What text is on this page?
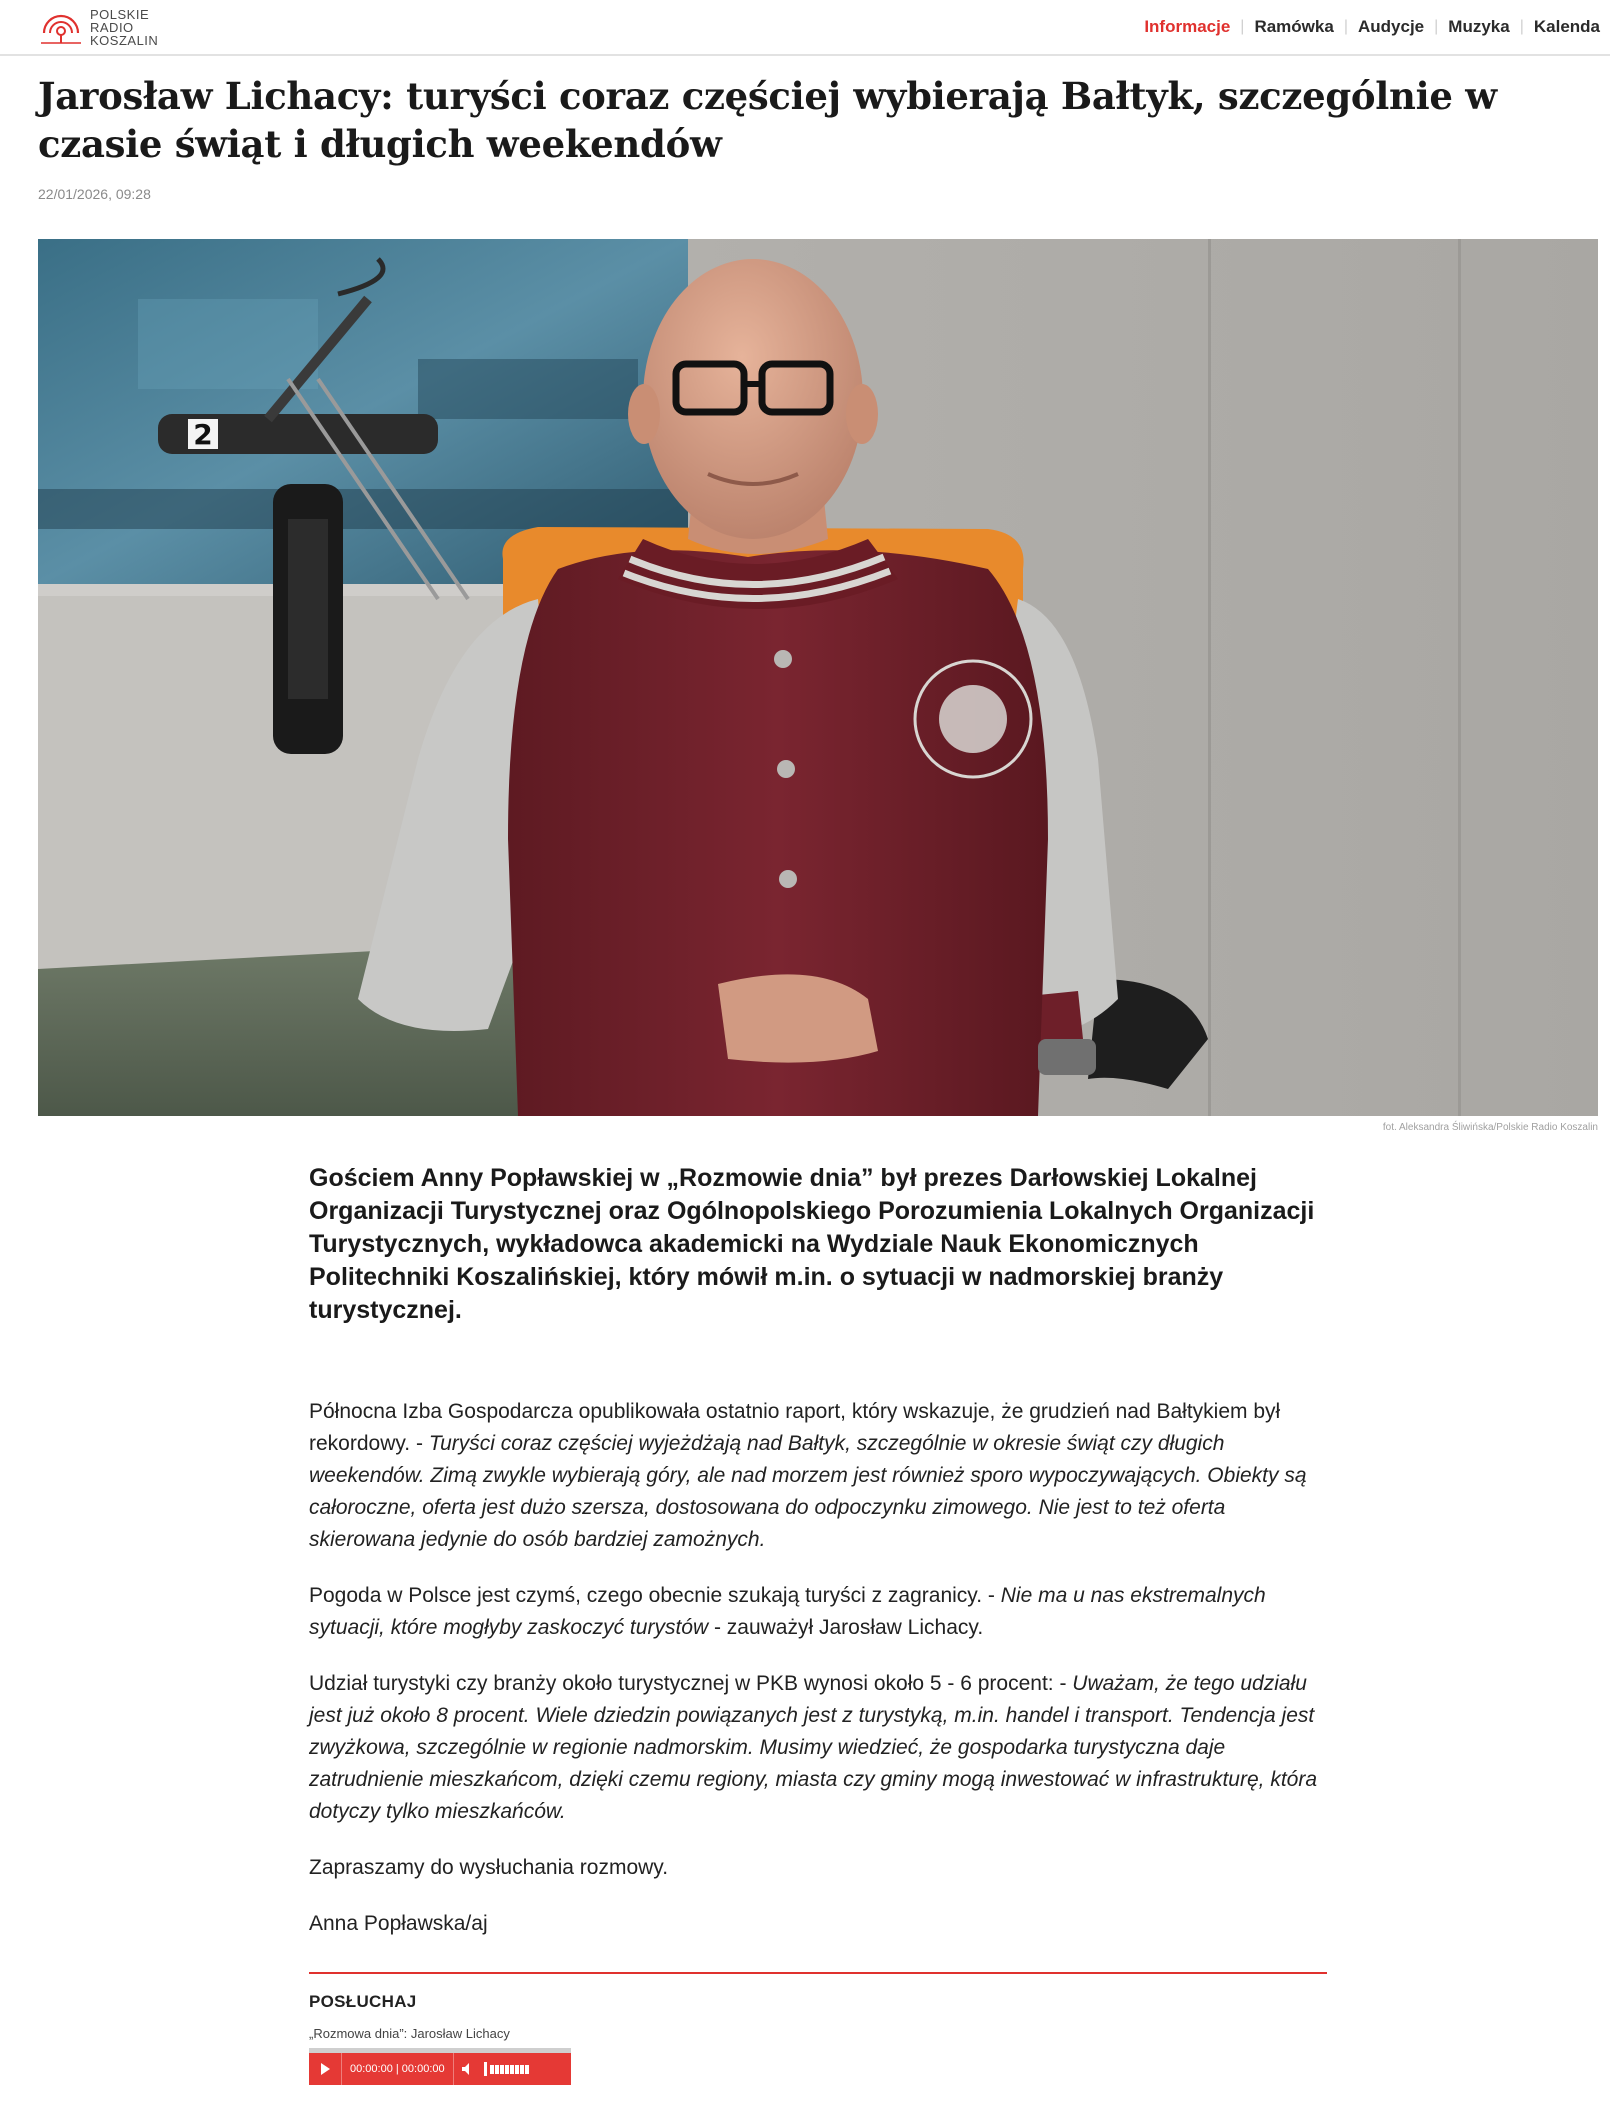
POLSKIE
RADIO
KOSZALIN
Informacje | Ramówka | Audycje | Muzyka | Kalenda
Jarosław Lichacy: turyści coraz częściej wybierają Bałtyk, szczególnie w czasie świąt i długich weekendów
22/01/2026, 09:28
2
fot. Aleksandra Śliwińska/Polskie Radio Koszalin

Gościem Anny Popławskiej w „Rozmowie dnia” był prezes Darłowskiej Lokalnej Organizacji Turystycznej oraz Ogólnopolskiego Porozumienia Lokalnych Organizacji Turystycznych, wykładowca akademicki na Wydziale Nauk Ekonomicznych Politechniki Koszalińskiej, który mówił m.in. o sytuacji w nadmorskiej branży turystycznej.

Północna Izba Gospodarcza opublikowała ostatnio raport, który wskazuje, że grudzień nad Bałtykiem był rekordowy. - Turyści coraz częściej wyjeżdżają nad Bałtyk, szczególnie w okresie świąt czy długich weekendów. Zimą zwykle wybierają góry, ale nad morzem jest również sporo wypoczywających. Obiekty są całoroczne, oferta jest dużo szersza, dostosowana do odpoczynku zimowego. Nie jest to też oferta skierowana jedynie do osób bardziej zamożnych.

Pogoda w Polsce jest czymś, czego obecnie szukają turyści z zagranicy. - Nie ma u nas ekstremalnych sytuacji, które mogłyby zaskoczyć turystów - zauważył Jarosław Lichacy.

Udział turystyki czy branży około turystycznej w PKB wynosi około 5 - 6 procent: - Uważam, że tego udziału jest już około 8 procent. Wiele dziedzin powiązanych jest z turystyką, m.in. handel i transport. Tendencja jest zwyżkowa, szczególnie w regionie nadmorskim. Musimy wiedzieć, że gospodarka turystyczna daje zatrudnienie mieszkańcom, dzięki czemu regiony, miasta czy gminy mogą inwestować w infrastrukturę, która dotyczy tylko mieszkańców.

Zapraszamy do wysłuchania rozmowy.

Anna Popławska/aj

POSŁUCHAJ
„Rozmowa dnia”: Jarosław Lichacy
00:00:00 | 00:00:00
